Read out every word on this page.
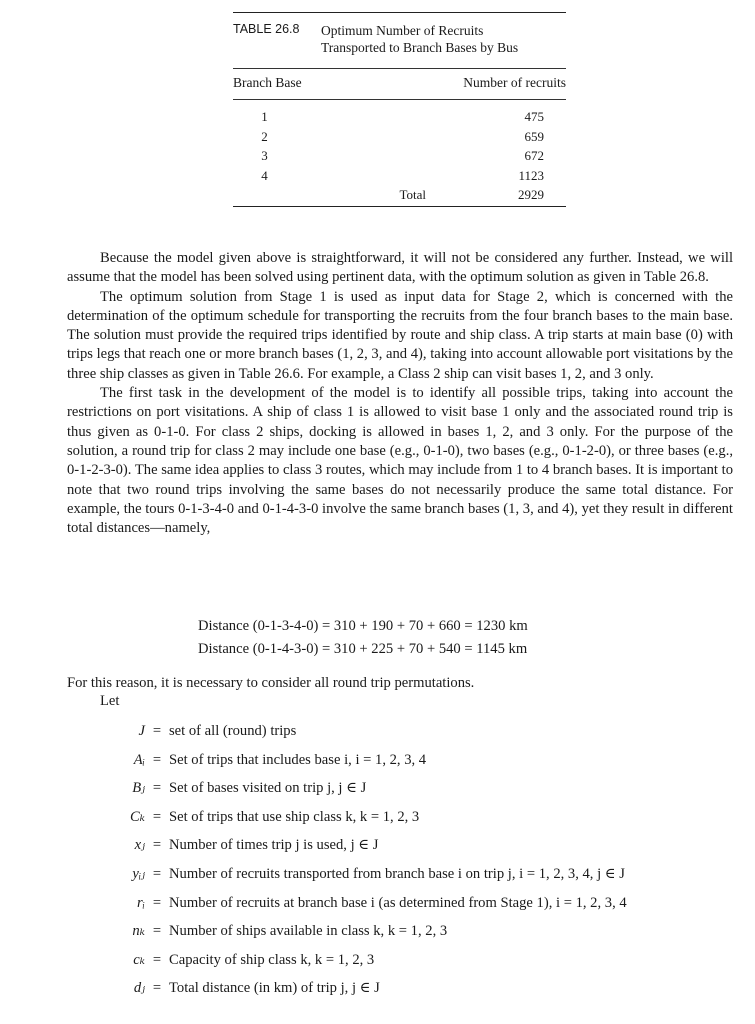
TABLE 26.8	Optimum Number of Recruits
Transported to Branch Bases by Bus
Branch Base	Number of recruits
1	475
2	659
3	672
4	1123
Total	2929

Because the model given above is straightforward, it will not be considered any further. Instead, we will assume that the model has been solved using pertinent data, with the optimum solution as given in Table 26.8.

The optimum solution from Stage 1 is used as input data for Stage 2, which is concerned with the determination of the optimum schedule for transporting the recruits from the four branch bases to the main base. The solution must provide the required trips identified by route and ship class. A trip starts at main base (0) with trips legs that reach one or more branch bases (1, 2, 3, and 4), taking into account allowable port visitations by the three ship classes as given in Table 26.6. For example, a Class 2 ship can visit bases 1, 2, and 3 only.

The first task in the development of the model is to identify all possible trips, taking into account the restrictions on port visitations. A ship of class 1 is allowed to visit base 1 only and the associated round trip is thus given as 0-1-0. For class 2 ships, docking is allowed in bases 1, 2, and 3 only. For the purpose of the solution, a round trip for class 2 may include one base (e.g., 0-1-0), two bases (e.g., 0-1-2-0), or three bases (e.g., 0-1-2-3-0). The same idea applies to class 3 routes, which may include from 1 to 4 branch bases. It is important to note that two round trips involving the same bases do not necessarily produce the same total distance. For example, the tours 0-1-3-4-0 and 0-1-4-3-0 involve the same branch bases (1, 3, and 4), yet they result in different total distances—namely,

Distance (0-1-3-4-0) = 310 + 190 + 70 + 660 = 1230 km
Distance (0-1-4-3-0) = 310 + 225 + 70 + 540 = 1145 km
For this reason, it is necessary to consider all round trip permutations.
Let
J = set of all (round) trips
Aᵢ = Set of trips that includes base i, i = 1, 2, 3, 4
Bⱼ = Set of bases visited on trip j, j ∈ J
Cₖ = Set of trips that use ship class k, k = 1, 2, 3
xⱼ = Number of times trip j is used, j ∈ J
yᵢⱼ = Number of recruits transported from branch base i on trip j, i = 1, 2, 3, 4, j ∈ J
rᵢ = Number of recruits at branch base i (as determined from Stage 1), i = 1, 2, 3, 4
nₖ = Number of ships available in class k, k = 1, 2, 3
cₖ = Capacity of ship class k, k = 1, 2, 3
dⱼ = Total distance (in km) of trip j, j ∈ J
